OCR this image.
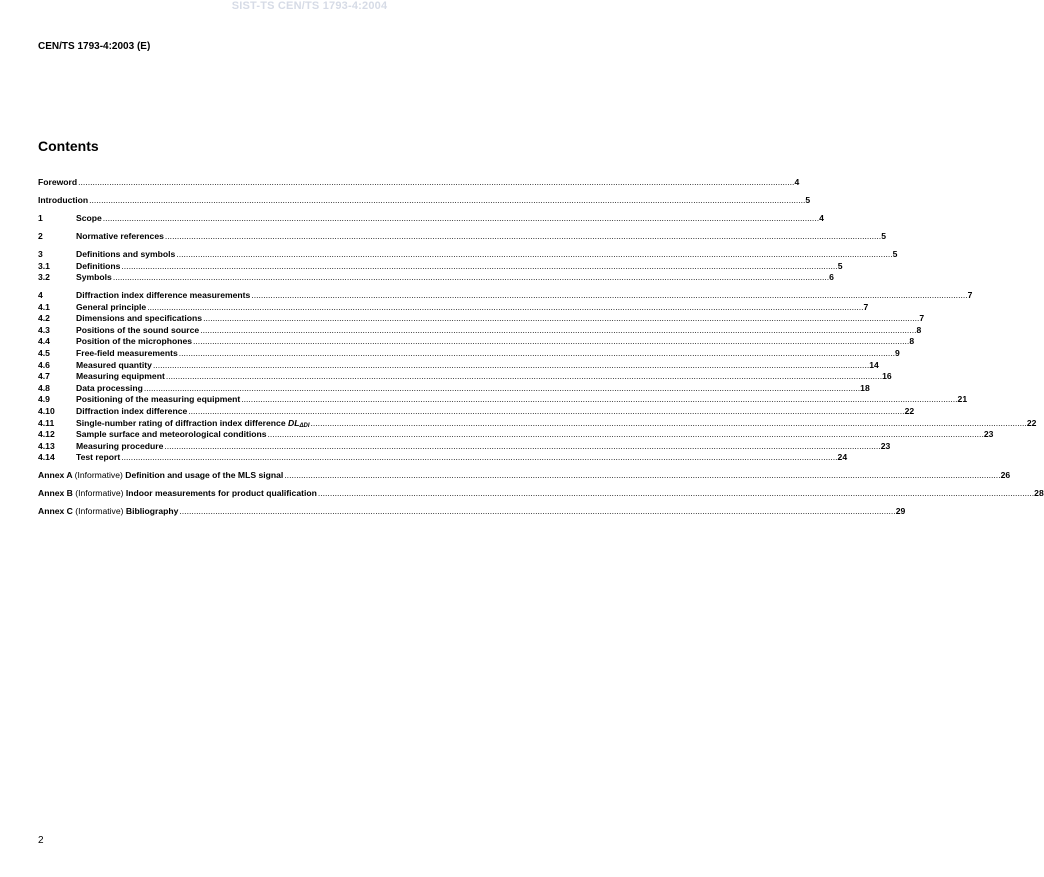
SIST-TS CEN/TS 1793-4:2004
CEN/TS 1793-4:2003 (E)
Contents
Foreword ............................................................................................................................................................................................................................................................................................................ 4
Introduction ............................................................................................................................................................................................................................................................................................................ 5
1	Scope ............................................................................................................................................................................................................................................................................................................ 4
2	Normative references ............................................................................................................................................................................................................................................................................................................ 5
3	Definitions and symbols ............................................................................................................................................................................................................................................................................................................ 5
3.1	Definitions ............................................................................................................................................................................................................................................................................................................ 5
3.2	Symbols ............................................................................................................................................................................................................................................................................................................ 6
4	Diffraction index difference measurements ............................................................................................................................................................................................................................................................................................................ 7
4.1	General principle ............................................................................................................................................................................................................................................................................................................ 7
4.2	Dimensions and specifications ............................................................................................................................................................................................................................................................................................................ 7
4.3	Positions of the sound source ............................................................................................................................................................................................................................................................................................................ 8
4.4	Position of the microphones ............................................................................................................................................................................................................................................................................................................ 8
4.5	Free-field measurements ............................................................................................................................................................................................................................................................................................................ 9
4.6	Measured quantity ............................................................................................................................................................................................................................................................................................................ 14
4.7	Measuring equipment ............................................................................................................................................................................................................................................................................................................ 16
4.8	Data processing ............................................................................................................................................................................................................................................................................................................ 18
4.9	Positioning of the measuring equipment ............................................................................................................................................................................................................................................................................................................ 21
4.10	Diffraction index difference ............................................................................................................................................................................................................................................................................................................ 22
4.11	Single-number rating of diffraction index difference $DL_{\Delta DI}$ ............................................................................................................................................................................................................................................................................................................ 22
4.12	Sample surface and meteorological conditions ............................................................................................................................................................................................................................................................................................................ 23
4.13	Measuring procedure ............................................................................................................................................................................................................................................................................................................ 23
4.14	Test report ............................................................................................................................................................................................................................................................................................................ 24
Annex A (Informative) Definition and usage of the MLS signal ............................................................................................................................................................................................................................................................................................................ 26
Annex B (Informative) Indoor measurements for product qualification ............................................................................................................................................................................................................................................................................................................ 28
Annex C (Informative) Bibliography ............................................................................................................................................................................................................................................................................................................ 29
2
